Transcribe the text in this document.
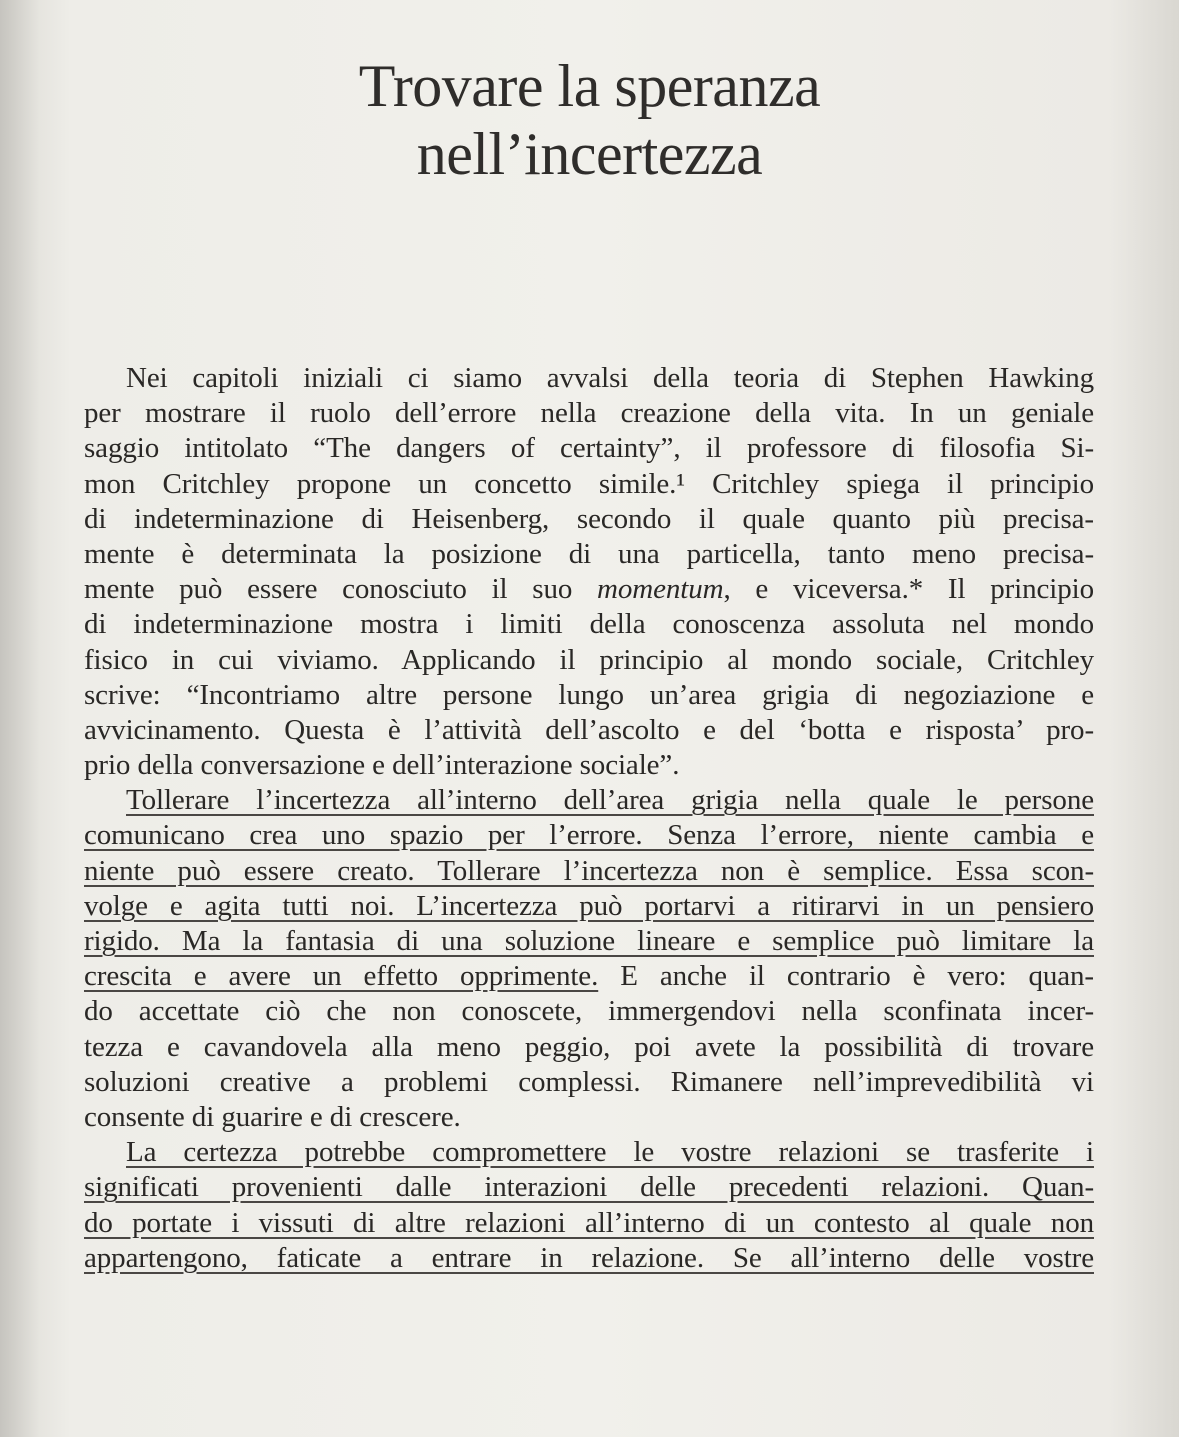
Trovare la speranza
nell’incertezza
Nei capitoli iniziali ci siamo avvalsi della teoria di Stephen Hawking
per mostrare il ruolo dell’errore nella creazione della vita. In un geniale
saggio intitolato “The dangers of certainty”, il professore di filosofia Si-
mon Critchley propone un concetto simile.¹ Critchley spiega il principio
di indeterminazione di Heisenberg, secondo il quale quanto più precisa-
mente è determinata la posizione di una particella, tanto meno precisa-
mente può essere conosciuto il suo momentum, e viceversa.* Il principio
di indeterminazione mostra i limiti della conoscenza assoluta nel mondo
fisico in cui viviamo. Applicando il principio al mondo sociale, Critchley
scrive: “Incontriamo altre persone lungo un’area grigia di negoziazione e
avvicinamento. Questa è l’attività dell’ascolto e del ‘botta e risposta’ pro-
prio della conversazione e dell’interazione sociale”.
Tollerare l’incertezza all’interno dell’area grigia nella quale le persone
comunicano crea uno spazio per l’errore. Senza l’errore, niente cambia e
niente può essere creato. Tollerare l’incertezza non è semplice. Essa scon-
volge e agita tutti noi. L’incertezza può portarvi a ritirarvi in un pensiero
rigido. Ma la fantasia di una soluzione lineare e semplice può limitare la
crescita e avere un effetto opprimente. E anche il contrario è vero: quan-
do accettate ciò che non conoscete, immergendovi nella sconfinata incer-
tezza e cavandovela alla meno peggio, poi avete la possibilità di trovare
soluzioni creative a problemi complessi. Rimanere nell’imprevedibilità vi
consente di guarire e di crescere.
La certezza potrebbe compromettere le vostre relazioni se trasferite i
significati provenienti dalle interazioni delle precedenti relazioni. Quan-
do portate i vissuti di altre relazioni all’interno di un contesto al quale non
appartengono, faticate a entrare in relazione. Se all’interno delle vostre
